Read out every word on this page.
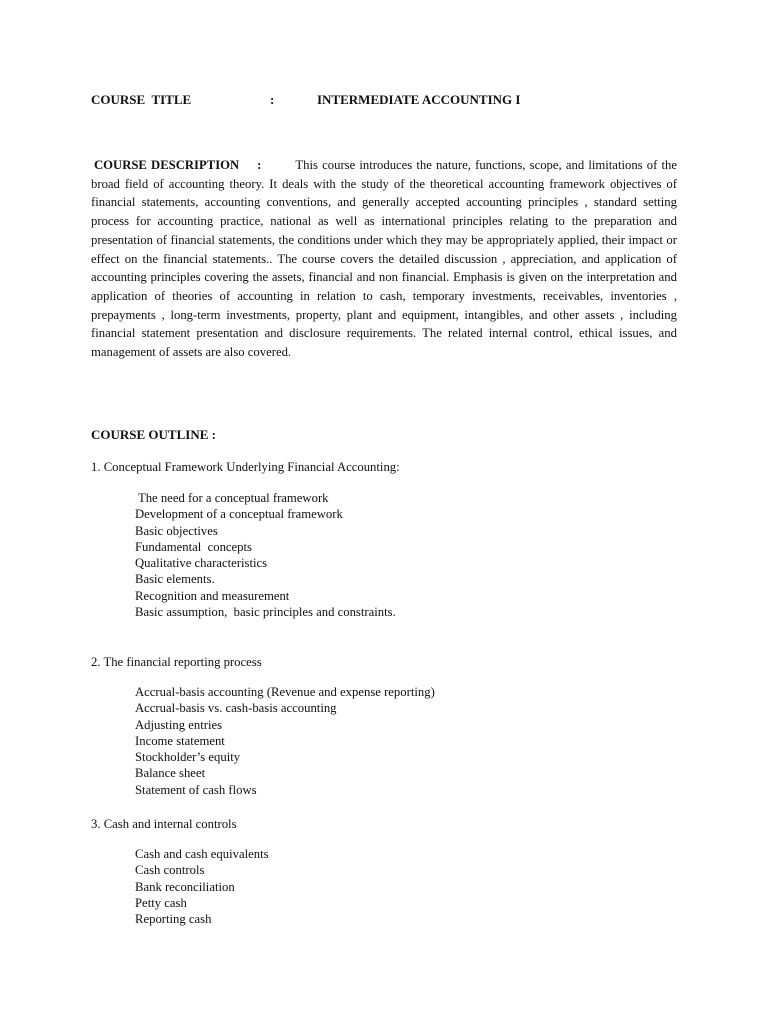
COURSE  TITLE	:	INTERMEDIATE ACCOUNTING I
COURSE DESCRIPTION :	This course introduces the nature, functions, scope, and limitations of the broad field of accounting theory. It deals with the study of the theoretical accounting framework objectives of financial statements, accounting conventions, and generally accepted accounting principles , standard setting process for accounting practice, national as well as international principles relating to the preparation and presentation of financial statements, the conditions under which they may be appropriately applied, their impact or effect on the financial statements.. The course covers the detailed discussion , appreciation, and application of accounting principles covering the assets, financial and non financial. Emphasis is given on the interpretation and application of theories of accounting in relation to cash, temporary investments, receivables, inventories , prepayments , long-term investments, property, plant and equipment, intangibles, and other assets , including financial statement presentation and disclosure requirements. The related internal control, ethical issues, and management of assets are also covered.
COURSE OUTLINE :
1. Conceptual Framework Underlying Financial Accounting:
The need for a conceptual framework
Development of a conceptual framework
Basic objectives
Fundamental  concepts
Qualitative characteristics
Basic elements.
Recognition and measurement
Basic assumption,  basic principles and constraints.
2. The financial reporting process
Accrual-basis accounting (Revenue and expense reporting)
Accrual-basis vs. cash-basis accounting
Adjusting entries
Income statement
Stockholder’s equity
Balance sheet
Statement of cash flows
3. Cash and internal controls
Cash and cash equivalents
Cash controls
Bank reconciliation
Petty cash
Reporting cash
